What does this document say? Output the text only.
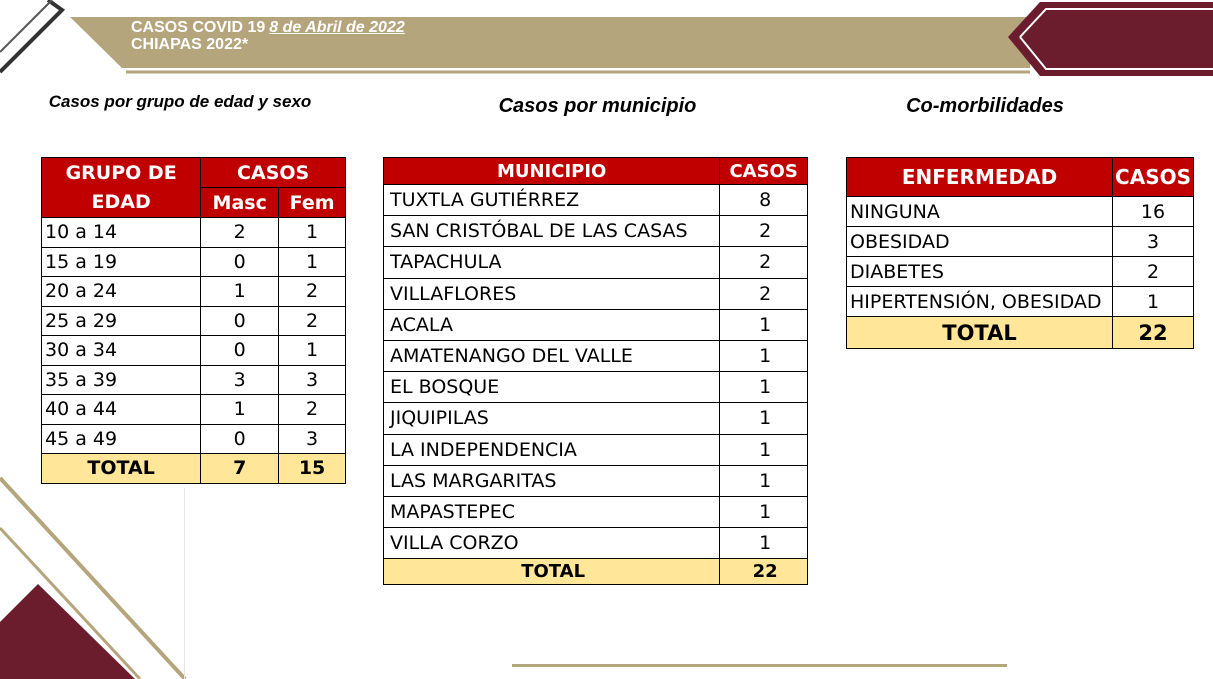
CASOS COVID 19 8 de Abril de 2022
CHIAPAS 2022*
Casos por grupo de edad y sexo	Casos por municipio	Co-morbilidades
GRUPO DE EDAD	CASOS	
	Masc	Fem
10 a 14	2	1
15 a 19	0	1
20 a 24	1	2
25 a 29	0	2
30 a 34	0	1
35 a 39	3	3
40 a 44	1	2
45 a 49	0	3
TOTAL	7	15
MUNICIPIO	CASOS
TUXTLA GUTIÉRREZ	8
SAN CRISTÓBAL DE LAS CASAS	2
TAPACHULA	2
VILLAFLORES	2
ACALA	1
AMATENANGO DEL VALLE	1
EL BOSQUE	1
JIQUIPILAS	1
LA INDEPENDENCIA	1
LAS MARGARITAS	1
MAPASTEPEC	1
VILLA CORZO	1
TOTAL	22
ENFERMEDAD	CASOS
NINGUNA	16
OBESIDAD	3
DIABETES	2
HIPERTENSIÓN, OBESIDAD	1
TOTAL	22
